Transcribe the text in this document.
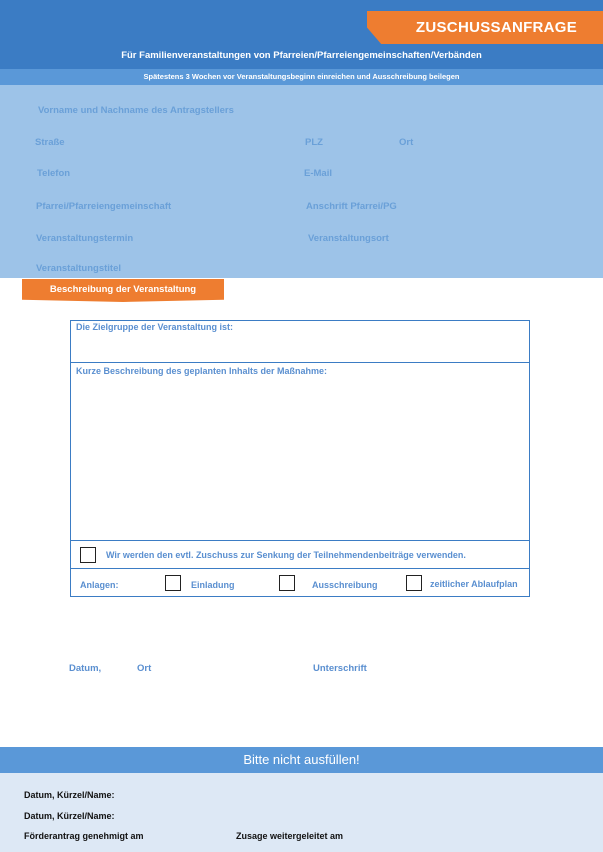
ZUSCHUSSANFRAGE
Für Familienveranstaltungen von Pfarreien/Pfarreiengemeinschaften/Verbänden
Spätestens 3 Wochen vor Veranstaltungsbeginn einreichen und Ausschreibung beilegen
Vorname und Nachname des Antragstellers
Straße	PLZ	Ort
Telefon	E-Mail
Pfarrei/Pfarreiengemeinschaft	Anschrift Pfarrei/PG
Veranstaltungstermin	Veranstaltungsort
Veranstaltungstitel
Beschreibung der Veranstaltung
Die Zielgruppe der Veranstaltung ist:
Kurze Beschreibung des geplanten Inhalts der Maßnahme:
Wir werden den evtl. Zuschuss zur Senkung der Teilnehmendenbeiträge verwenden.
Anlagen:	Einladung	Ausschreibung	zeitlicher Ablaufplan
Datum,	Ort	Unterschrift
Bitte nicht ausfüllen!
Datum, Kürzel/Name:
Datum, Kürzel/Name:
Förderantrag genehmigt am	Zusage weitergeleitet am
